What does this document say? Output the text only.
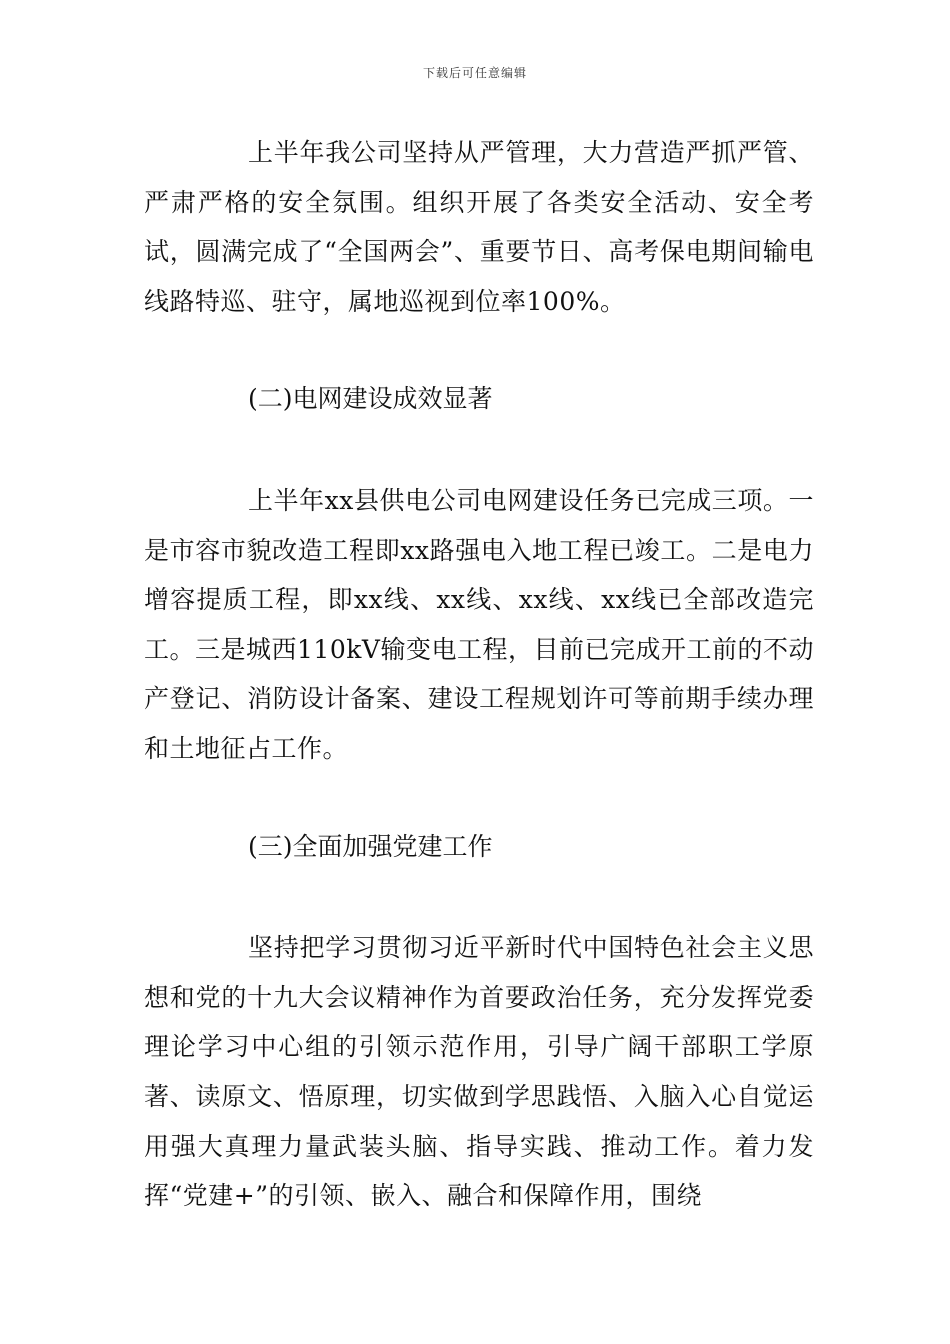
下载后可任意编辑

上半年我公司坚持从严管理，大力营造严抓严管、严肃严格的安全氛围。组织开展了各类安全活动、安全考试，圆满完成了“全国两会”、重要节日、高考保电期间输电线路特巡、驻守，属地巡视到位率100%。

(二)电网建设成效显著

上半年xx县供电公司电网建设任务已完成三项。一是市容市貌改造工程即xx路强电入地工程已竣工。二是电力增容提质工程，即xx线、xx线、xx线、xx线已全部改造完工。三是城西110kV输变电工程，目前已完成开工前的不动产登记、消防设计备案、建设工程规划许可等前期手续办理和土地征占工作。

(三)全面加强党建工作

坚持把学习贯彻习近平新时代中国特色社会主义思想和党的十九大会议精神作为首要政治任务，充分发挥党委理论学习中心组的引领示范作用，引导广阔干部职工学原著、读原文、悟原理，切实做到学思践悟、入脑入心自觉运用强大真理力量武装头脑、指导实践、推动工作。着力发挥“党建+”的引领、嵌入、融合和保障作用，围绕
